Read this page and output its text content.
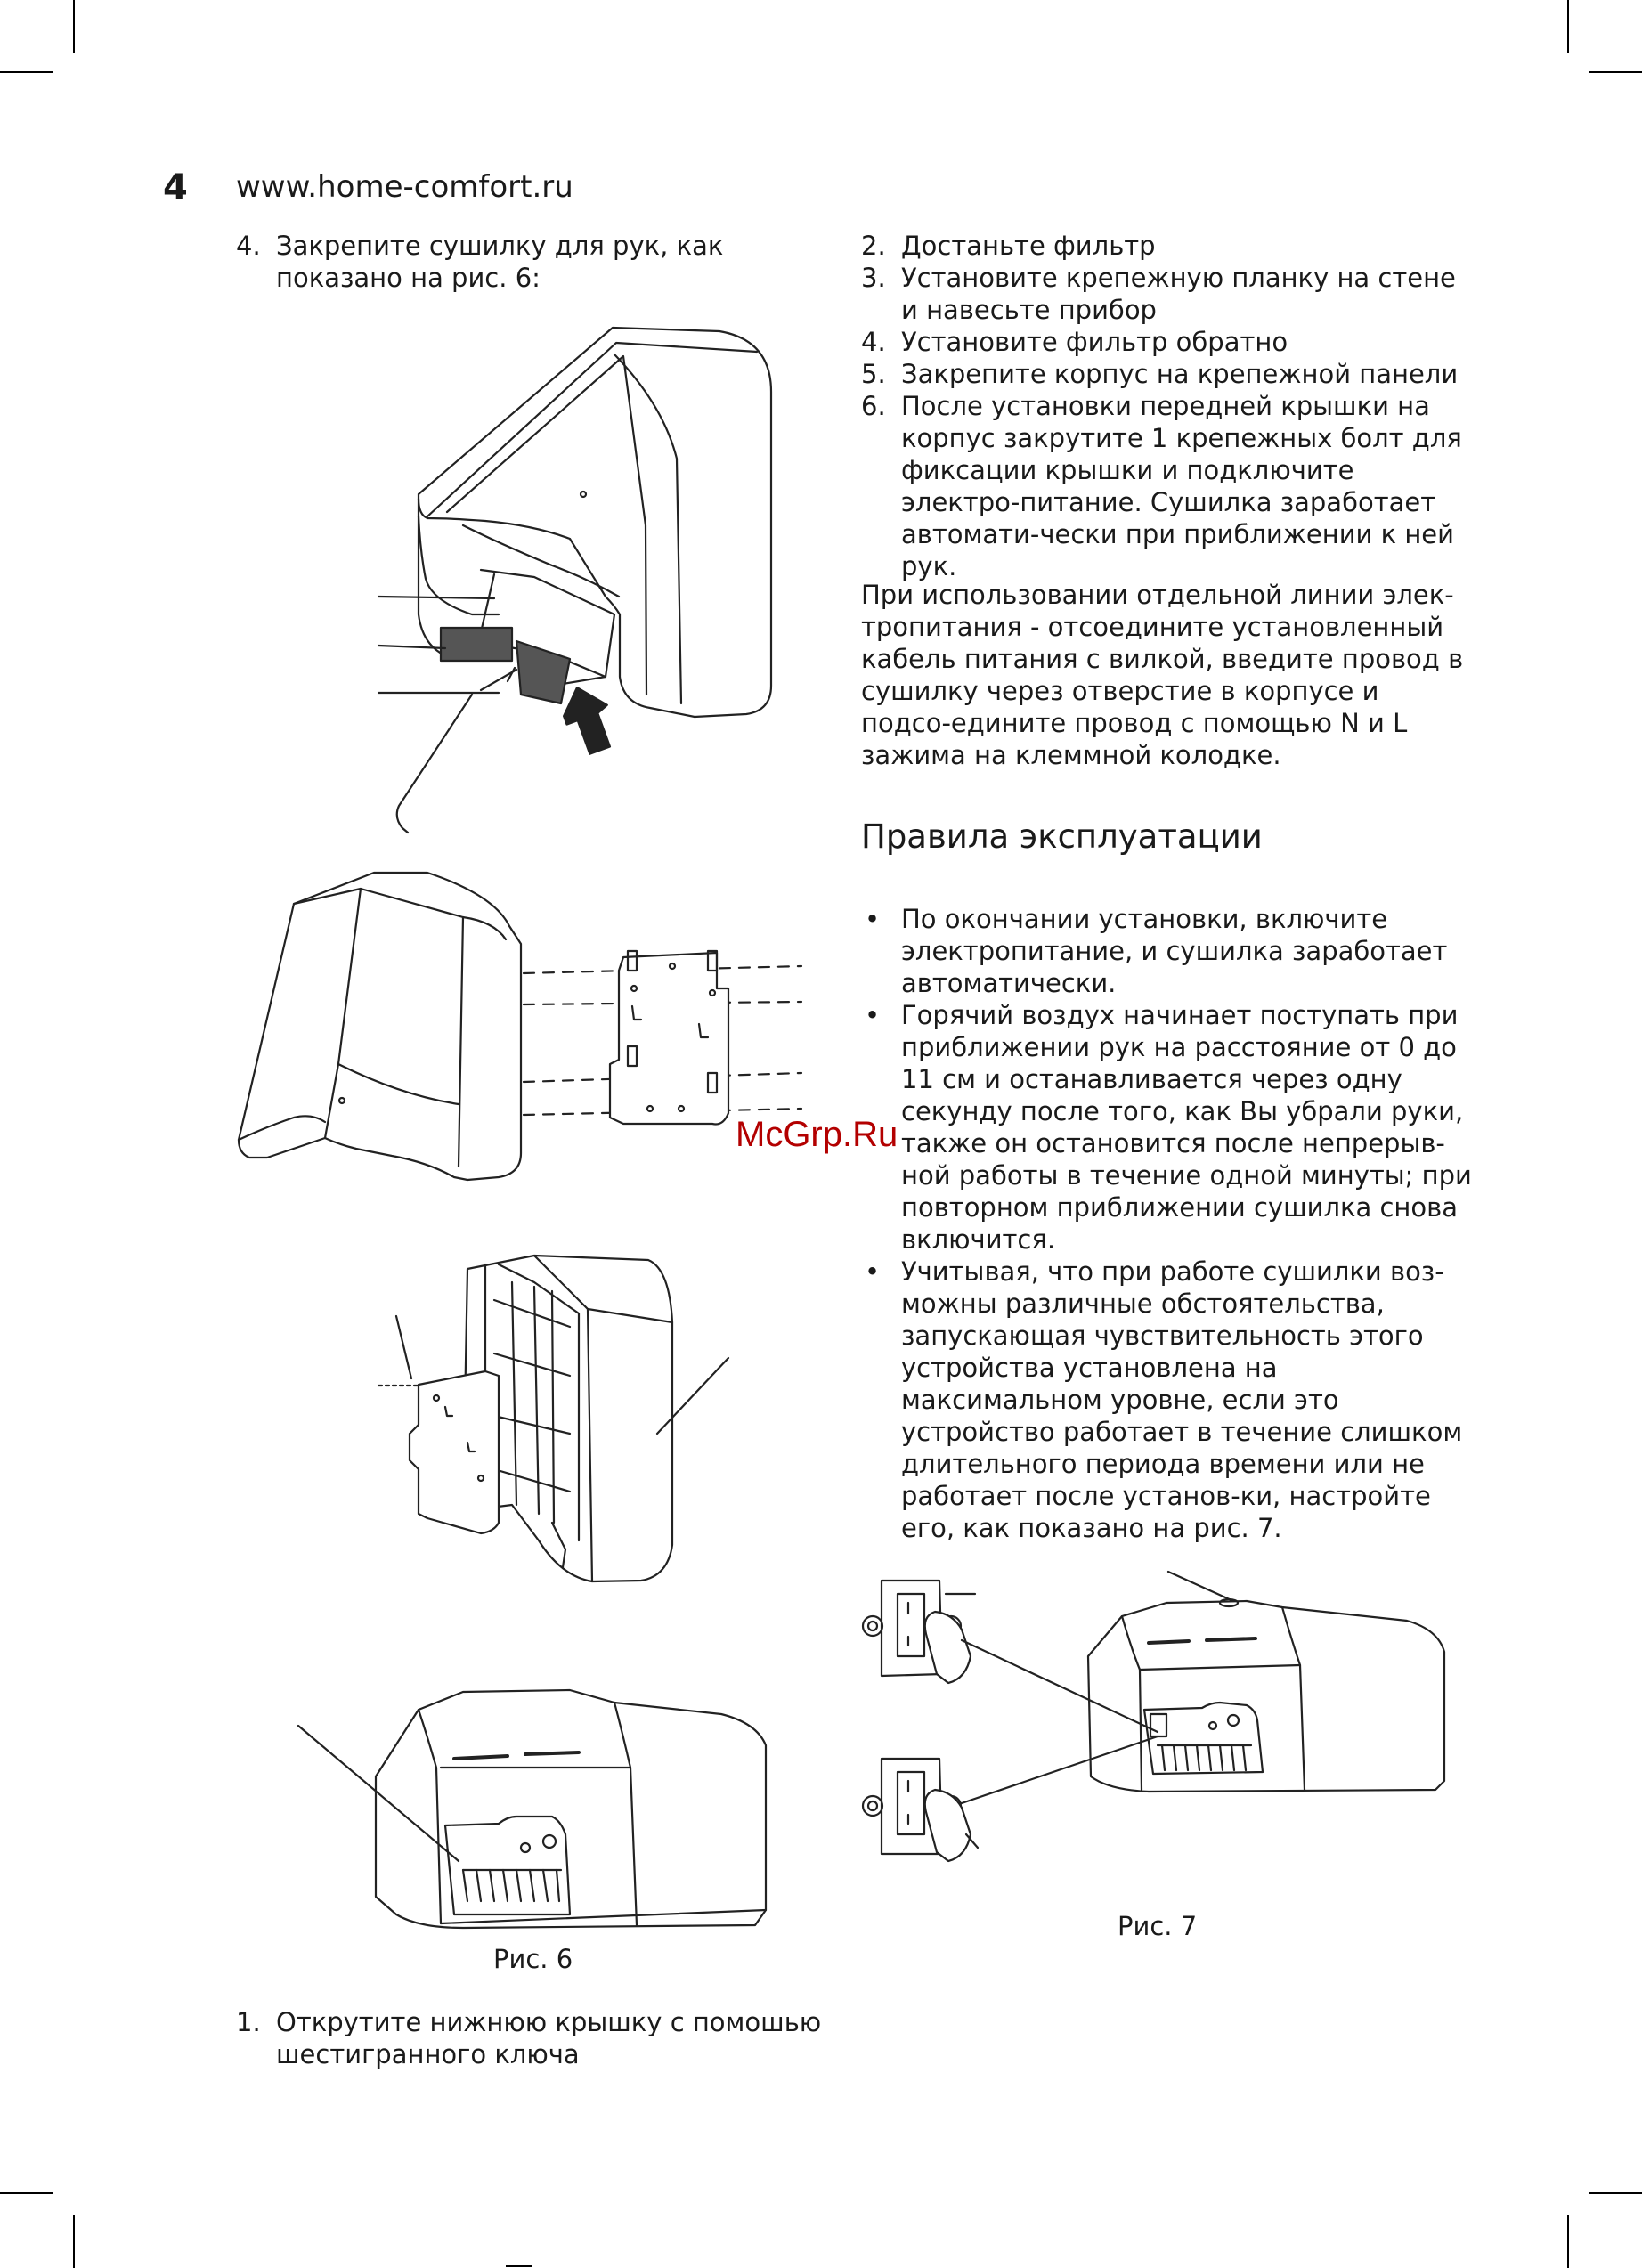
4 www.home-comfort.ru
4. Закрепите сушилку для рук, как показано на рис. 6:
2. Достаньте фильтр
3. Установите крепежную планку на стене и навесьте прибор
4. Установите фильтр обратно
5. Закрепите корпус на крепежной панели
6. После установки передней крышки на корпус закрутите 1 крепежных болт для фиксации крышки и подключите электро-питание. Сушилка заработает автомати-чески при приближении к ней рук.
При использовании отдельной линии элек-тропитания - отсоедините установленный кабель питания с вилкой, введите провод в сушилку через отверстие в корпусе и подсо-едините провод с помощью N и L зажима на клеммной колодке.
Правила эксплуатации
• По окончании установки, включите электропитание, и сушилка заработает автоматически.
• Горячий воздух начинает поступать при приближении рук на расстояние от 0 до 11 см и останавливается через одну секунду после того, как Вы убрали руки, также он остановится после непрерыв-ной работы в течение одной минуты; при повторном приближении сушилка снова включится.
• Учитывая, что при работе сушилки воз-можны различные обстоятельства, запускающая чувствительность этого устройства установлена на максимальном уровне, если это устройство работает в течение слишком длительного периода времени или не работает после установ-ки, настройте его, как показано на рис. 7.
McGrp.Ru
Рис. 6
Рис. 7
1. Открутите нижнюю крышку с помошью шестигранного ключа
